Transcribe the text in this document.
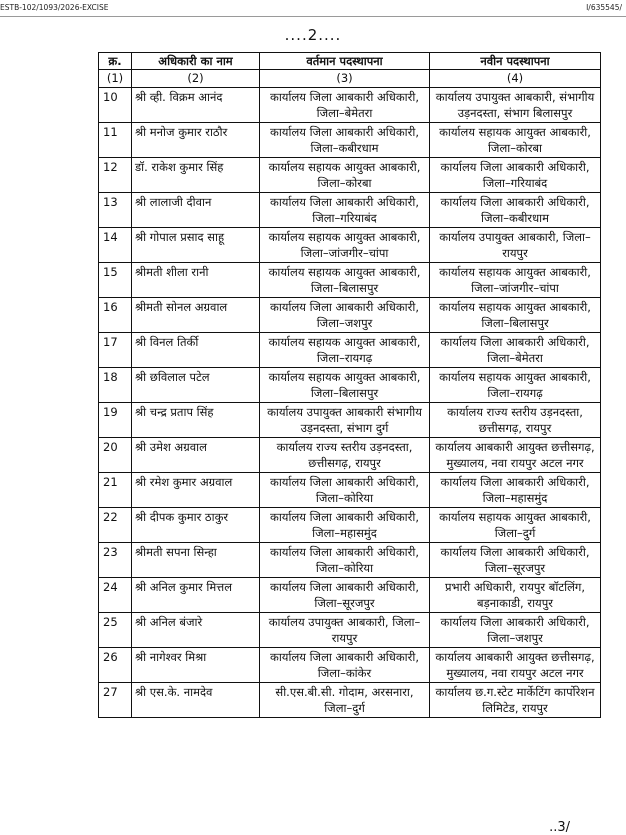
ESTB-102/1093/2026-EXCISE	I/635545/
....2....
क्र.	अधिकारी का नाम	वर्तमान पदस्थापना	नवीन पदस्थापना
(1)	(2)	(3)	(4)
10	श्री व्ही. विक्रम आनंद	कार्यालय जिला आबकारी अधिकारी, जिला–बेमेतरा	कार्यालय उपायुक्त आबकारी, संभागीय उड़नदस्ता, संभाग बिलासपुर
11	श्री मनोज कुमार राठौर	कार्यालय जिला आबकारी अधिकारी, जिला–कबीरधाम	कार्यालय सहायक आयुक्त आबकारी, जिला–कोरबा
12	डॉ. राकेश कुमार सिंह	कार्यालय सहायक आयुक्त आबकारी, जिला–कोरबा	कार्यालय जिला आबकारी अधिकारी, जिला–गरियाबंद
13	श्री लालाजी दीवान	कार्यालय जिला आबकारी अधिकारी, जिला–गरियाबंद	कार्यालय जिला आबकारी अधिकारी, जिला–कबीरधाम
14	श्री गोपाल प्रसाद साहू	कार्यालय सहायक आयुक्त आबकारी, जिला–जांजगीर–चांपा	कार्यालय उपायुक्त आबकारी, जिला–रायपुर
15	श्रीमती शीला रानी	कार्यालय सहायक आयुक्त आबकारी, जिला–बिलासपुर	कार्यालय सहायक आयुक्त आबकारी, जिला–जांजगीर–चांपा
16	श्रीमती सोनल अग्रवाल	कार्यालय जिला आबकारी अधिकारी, जिला–जशपुर	कार्यालय सहायक आयुक्त आबकारी, जिला–बिलासपुर
17	श्री विनल तिर्की	कार्यालय सहायक आयुक्त आबकारी, जिला–रायगढ़	कार्यालय जिला आबकारी अधिकारी, जिला–बेमेतरा
18	श्री छविलाल पटेल	कार्यालय सहायक आयुक्त आबकारी, जिला–बिलासपुर	कार्यालय सहायक आयुक्त आबकारी, जिला–रायगढ़
19	श्री चन्द्र प्रताप सिंह	कार्यालय उपायुक्त आबकारी संभागीय उड़नदस्ता, संभाग दुर्ग	कार्यालय राज्य स्तरीय उड़नदस्ता, छत्तीसगढ़, रायपुर
20	श्री उमेश अग्रवाल	कार्यालय राज्य स्तरीय उड़नदस्ता, छत्तीसगढ़, रायपुर	कार्यालय आबकारी आयुक्त छत्तीसगढ़, मुख्यालय, नवा रायपुर अटल नगर
21	श्री रमेश कुमार अग्रवाल	कार्यालय जिला आबकारी अधिकारी, जिला–कोरिया	कार्यालय जिला आबकारी अधिकारी, जिला–महासमुंद
22	श्री दीपक कुमार ठाकुर	कार्यालय जिला आबकारी अधिकारी, जिला–महासमुंद	कार्यालय सहायक आयुक्त आबकारी, जिला–दुर्ग
23	श्रीमती सपना सिन्हा	कार्यालय जिला आबकारी अधिकारी, जिला–कोरिया	कार्यालय जिला आबकारी अधिकारी, जिला–सूरजपुर
24	श्री अनिल कुमार मित्तल	कार्यालय जिला आबकारी अधिकारी, जिला–सूरजपुर	प्रभारी अधिकारी, रायपुर बॉटलिंग, बड़नाकाडी, रायपुर
25	श्री अनिल बंजारे	कार्यालय उपायुक्त आबकारी, जिला–रायपुर	कार्यालय जिला आबकारी अधिकारी, जिला–जशपुर
26	श्री नागेश्वर मिश्रा	कार्यालय जिला आबकारी अधिकारी, जिला–कांकेर	कार्यालय आबकारी आयुक्त छत्तीसगढ़, मुख्यालय, नवा रायपुर अटल नगर
27	श्री एस.के. नामदेव	सी.एस.बी.सी. गोदाम, अरसनारा, जिला–दुर्ग	कार्यालय छ.ग.स्टेट मार्केटिंग कार्पोरेशन लिमिटेड, रायपुर
..3/
